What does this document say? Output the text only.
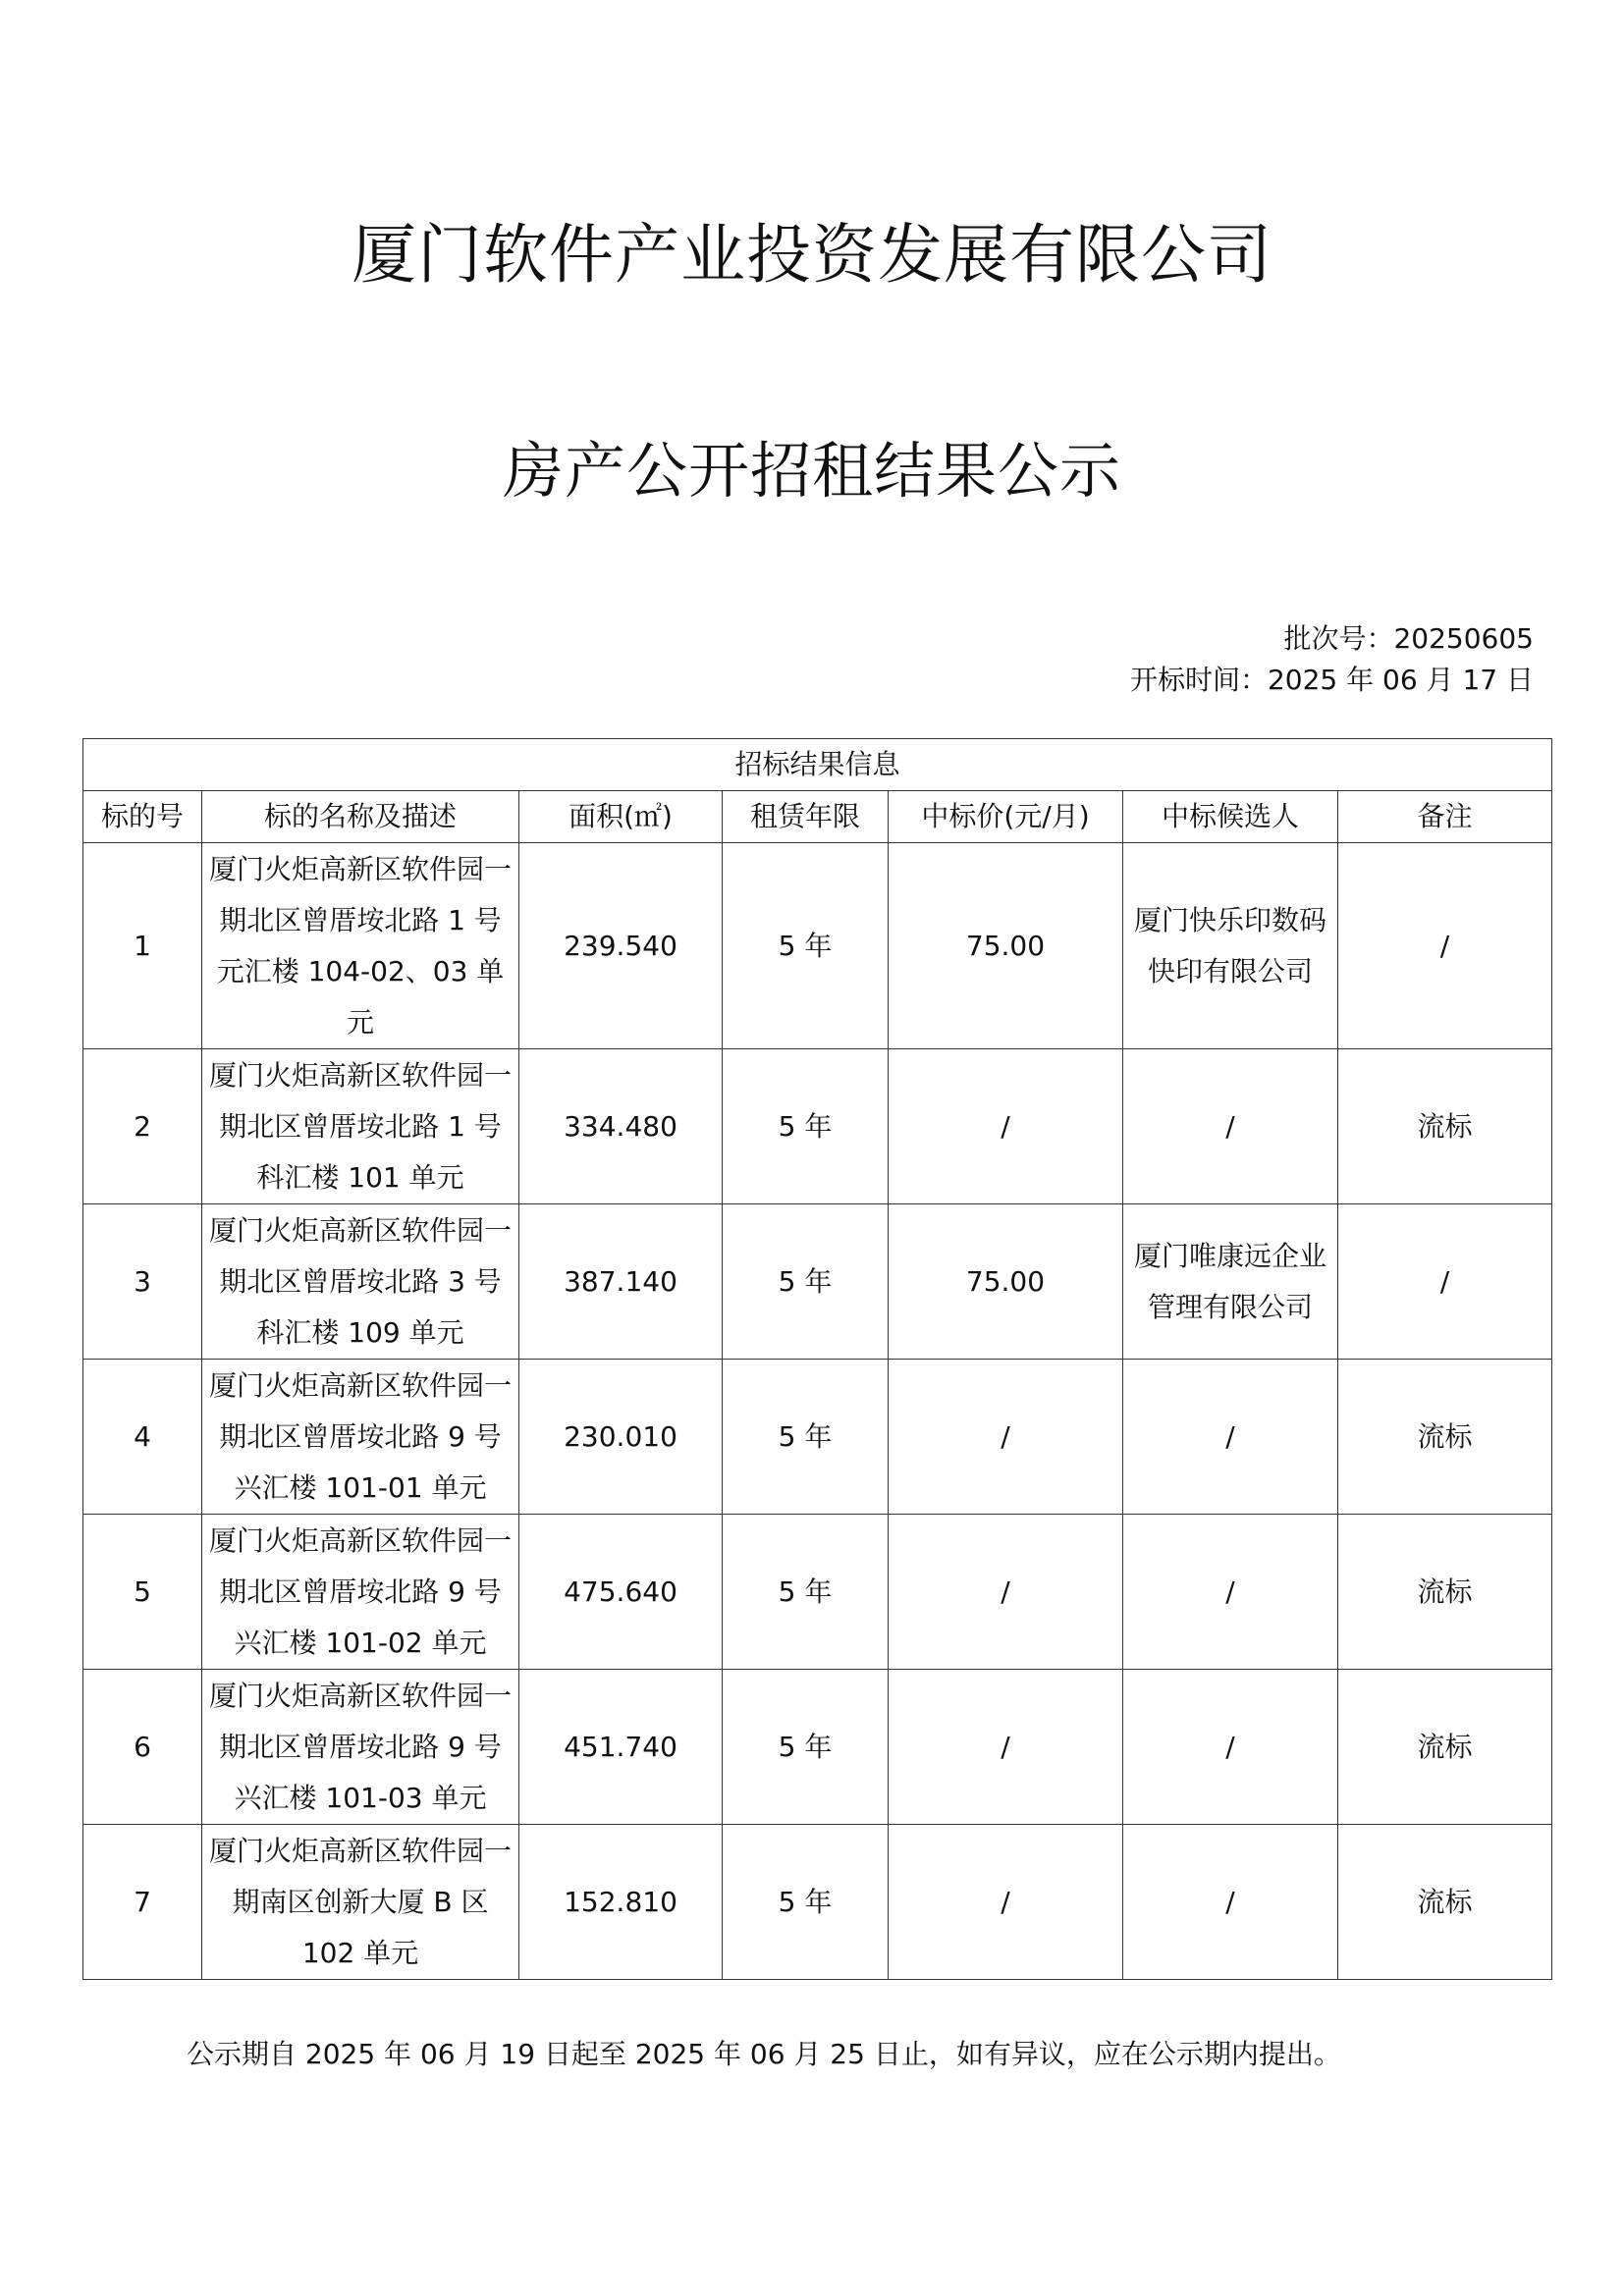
厦门软件产业投资发展有限公司
房产公开招租结果公示
批次号：20250605
开标时间：2025 年 06 月 17 日
招标结果信息						
标的号	标的名称及描述	面积(㎡)	租赁年限	中标价(元/月)	中标候选人	备注
1	厦门火炬高新区软件园一期北区曾厝垵北路 1 号元汇楼 104-02、03 单元	239.540	5 年	75.00	厦门快乐印数码快印有限公司	/
2	厦门火炬高新区软件园一期北区曾厝垵北路 1 号科汇楼 101 单元	334.480	5 年	/	/	流标
3	厦门火炬高新区软件园一期北区曾厝垵北路 3 号科汇楼 109 单元	387.140	5 年	75.00	厦门唯康远企业管理有限公司	/
4	厦门火炬高新区软件园一期北区曾厝垵北路 9 号兴汇楼 101-01 单元	230.010	5 年	/	/	流标
5	厦门火炬高新区软件园一期北区曾厝垵北路 9 号兴汇楼 101-02 单元	475.640	5 年	/	/	流标
6	厦门火炬高新区软件园一期北区曾厝垵北路 9 号兴汇楼 101-03 单元	451.740	5 年	/	/	流标
7	厦门火炬高新区软件园一期南区创新大厦 B 区 102 单元	152.810	5 年	/	/	流标
公示期自 2025 年 06 月 19 日起至 2025 年 06 月 25 日止，如有异议，应在公示期内提出。
